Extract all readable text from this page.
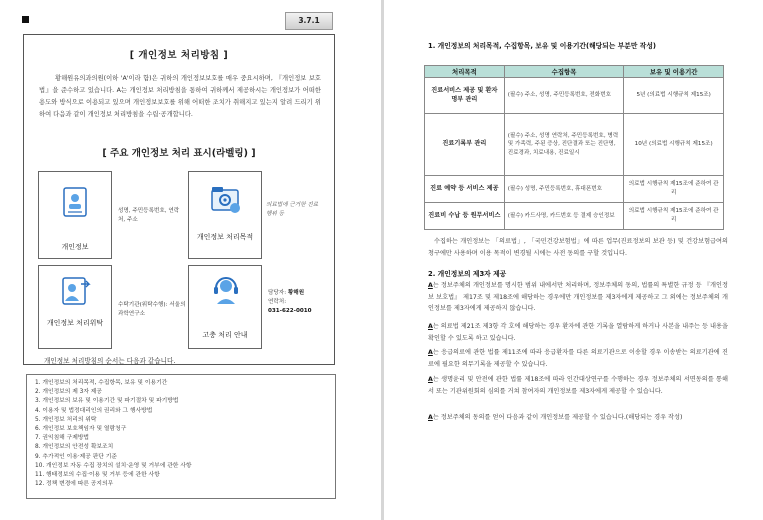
3.7.1
[ 개인정보 처리방침 ]
황해원유의과의원(이하 'A'이라 함)은 귀하의 개인정보보호를 매우 중요시하며, 『개인정보 보호법』을 준수하고 있습니다. A는 개인정보 처리방침을 통하여 귀하께서 제공하시는 개인정보가 어떠한 용도와 방식으로 이용되고 있으며 개인정보보호를 위해 어떠한 조치가 취해지고 있는지 알려 드리기 위하여 다음과 같이 개인정보 처리방침을 수립·공개합니다.
[ 주요 개인정보 처리 표시(라벨링) ]
개인정보
성명, 주민등록번호, 연락처, 주소
개인정보 처리목적
의료법에 근거한 진료행위 등
개인정보 처리위탁
수탁기관(위탁수행): 서울의과학연구소
고충 처리 안내
담당자: 황해원
연락처:
031-622-0010
개인정보 처리방침의 순서는 다음과 같습니다.
1. 개인정보의 처리목적, 수집항목, 보유 및 이용기간
2. 개인정보의 제 3자 제공
3. 개인정보의 보유 및 이용기간 및 파기절차 및 파기방법
4. 이용자 및 법정대리인의 권리와 그 행사방법
5. 개인정보 처리의 위탁
6. 개인정보 보호책임자 및 열람청구
7. 권익침해 구제방법
8. 개인정보의 안전성 확보조치
9. 추가적인 이용·제공 판단 기준
10. 개인정보 자동 수집 장치의 설치·운영 및 거부에 관한 사항
11. 행태정보의 수집·이용 및 거부 등에 관한 사항
12. 정책 변경에 따른 공지의무
1. 개인정보의 처리목적, 수집항목, 보유 및 이용기간(해당되는 부분만 작성)
처리목적	수집항목	보유 및 이용기간
진료서비스 제공 및 환자 명부 관리	(필수) 주소, 성명, 주민등록번호, 전화번호	5년 (의료법 시행규칙 제15조)
진료기록부 관리	(필수) 주소, 성명 연락처, 주민등록번호, 병력 및 가족력, 주된 증상, 진단결과 또는 진단명, 진료경과, 치료내용, 진료일시	10년 (의료법 시행규칙 제15조)
진료 예약 등 서비스 제공	(필수) 성명, 주민등록번호, 휴대폰번호	의료법 시행규칙 제15조에 준하여 관리
진료비 수납 등 원무서비스	(필수) 카드사명, 카드번호 등 결제 승인정보	의료법 시행규칙 제15조에 준하여 관리
수집하는 개인정보는 「의료법」, 「국민건강보험법」에 따른 업무(진료정보의 보관 등) 및 건강보험급여의 청구에만 사용하며 이용 목적이 변경될 시에는 사전 동의를 구할 것입니다.
2. 개인정보의 제3자 제공
A는 정보주체의 개인정보를 명시한 범위 내에서만 처리하며, 정보주체의 동의, 법률의 특별한 규정 등 『개인정보 보호법』 제17조 및 제18조에 해당하는 경우에만 개인정보를 제3자에게 제공하고 그 외에는 정보주체의 개인정보를 제3자에게 제공하지 않습니다.
A는 의료법 제21조 제3항 각 호에 해당하는 경우 환자에 관한 기록을 열람하게 하거나 사본을 내주는 등 내용을 확인할 수 있도록 하고 있습니다.
A는 응급의료에 관한 법률 제11조에 따라 응급환자를 다른 의료기관으로 이송할 경우 이송받는 의료기관에 진료에 필요한 의무기록을 제공할 수 있습니다.
A는 생명윤리 및 안전에 관한 법률 제18조에 따라 인간대상연구를 수행하는 경우 정보주체의 서면동의를 통해서 또는 기관위원회의 심의를 거쳐 참여자의 개인정보를 제3자에게 제공할 수 있습니다.
A는 정보주체의 동의를 얻어 다음과 같이 개인정보를 제공할 수 있습니다.(해당되는 경우 작성)
